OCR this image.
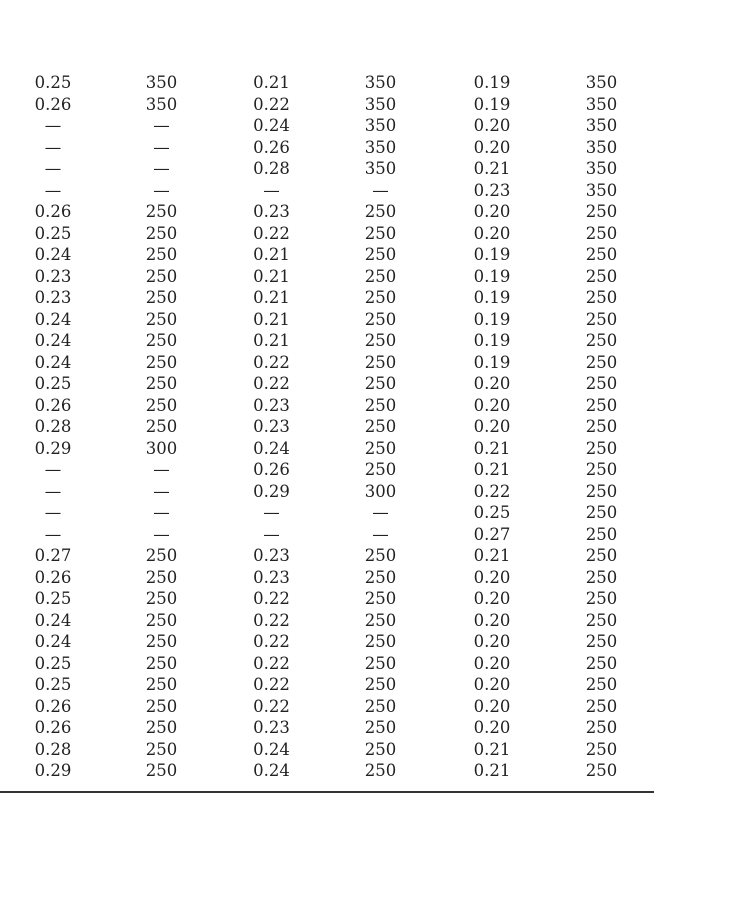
0.25	350	0.21	350	0.19	350
0.26	350	0.22	350	0.19	350
—	—	0.24	350	0.20	350
—	—	0.26	350	0.20	350
—	—	0.28	350	0.21	350
—	—	—	—	0.23	350
0.26	250	0.23	250	0.20	250
0.25	250	0.22	250	0.20	250
0.24	250	0.21	250	0.19	250
0.23	250	0.21	250	0.19	250
0.23	250	0.21	250	0.19	250
0.24	250	0.21	250	0.19	250
0.24	250	0.21	250	0.19	250
0.24	250	0.22	250	0.19	250
0.25	250	0.22	250	0.20	250
0.26	250	0.23	250	0.20	250
0.28	250	0.23	250	0.20	250
0.29	300	0.24	250	0.21	250
—	—	0.26	250	0.21	250
—	—	0.29	300	0.22	250
—	—	—	—	0.25	250
—	—	—	—	0.27	250
0.27	250	0.23	250	0.21	250
0.26	250	0.23	250	0.20	250
0.25	250	0.22	250	0.20	250
0.24	250	0.22	250	0.20	250
0.24	250	0.22	250	0.20	250
0.25	250	0.22	250	0.20	250
0.25	250	0.22	250	0.20	250
0.26	250	0.22	250	0.20	250
0.26	250	0.23	250	0.20	250
0.28	250	0.24	250	0.21	250
0.29	250	0.24	250	0.21	250
